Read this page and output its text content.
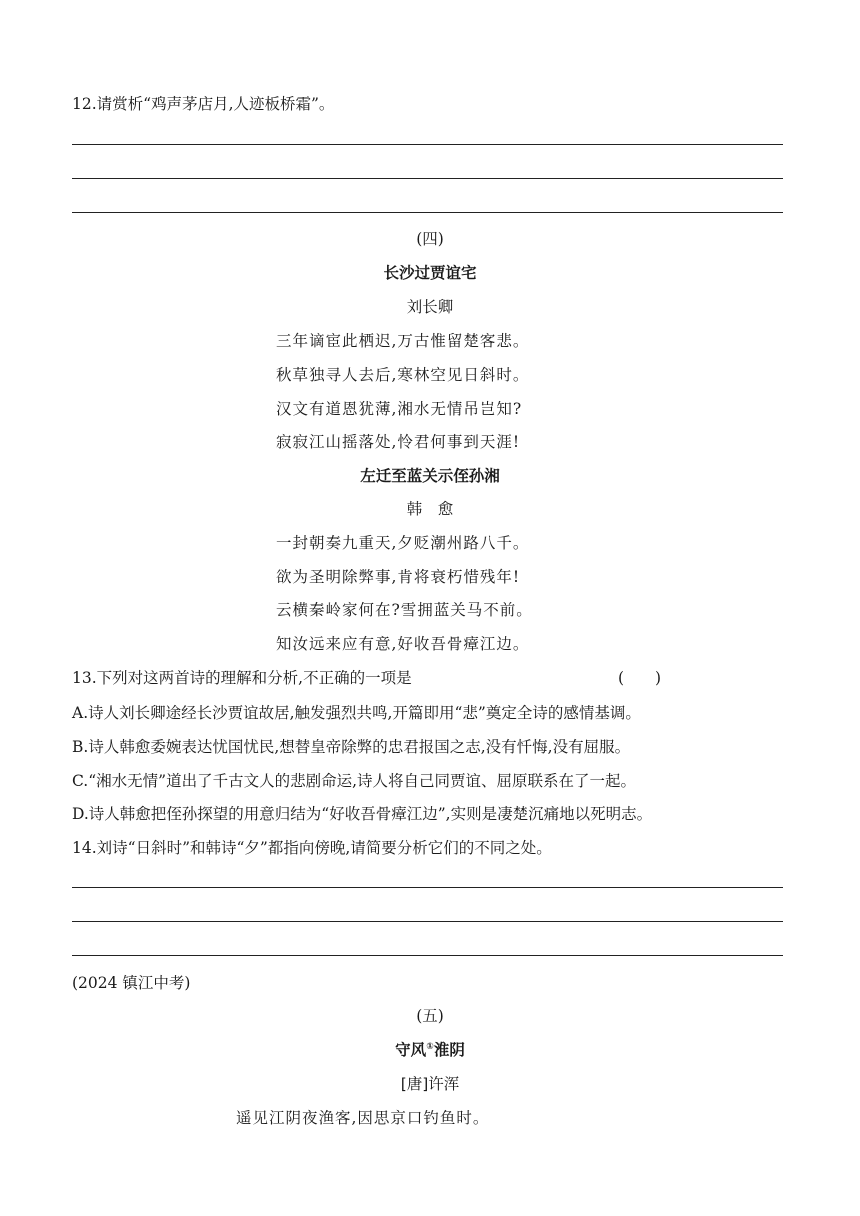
12.请赏析“鸡声茅店月,人迹板桥霜”。
(四)
长沙过贾谊宅
刘长卿
三年谪宦此栖迟,万古惟留楚客悲。
秋草独寻人去后,寒林空见日斜时。
汉文有道恩犹薄,湘水无情吊岂知?
寂寂江山摇落处,怜君何事到天涯!
左迁至蓝关示侄孙湘
韩　愈
一封朝奏九重天,夕贬潮州路八千。
欲为圣明除弊事,肯将衰朽惜残年!
云横秦岭家何在?雪拥蓝关马不前。
知汝远来应有意,好收吾骨瘴江边。
13.下列对这两首诗的理解和分析,不正确的一项是	(　　)
A.诗人刘长卿途经长沙贾谊故居,触发强烈共鸣,开篇即用“悲”奠定全诗的感情基调。
B.诗人韩愈委婉表达忧国忧民,想替皇帝除弊的忠君报国之志,没有忏悔,没有屈服。
C.“湘水无情”道出了千古文人的悲剧命运,诗人将自己同贾谊、屈原联系在了一起。
D.诗人韩愈把侄孙探望的用意归结为“好收吾骨瘴江边”,实则是凄楚沉痛地以死明志。
14.刘诗“日斜时”和韩诗“夕”都指向傍晚,请简要分析它们的不同之处。
(2024 镇江中考)
(五)
守风①淮阴
[唐]许浑
遥见江阴夜渔客,因思京口钓鱼时。
